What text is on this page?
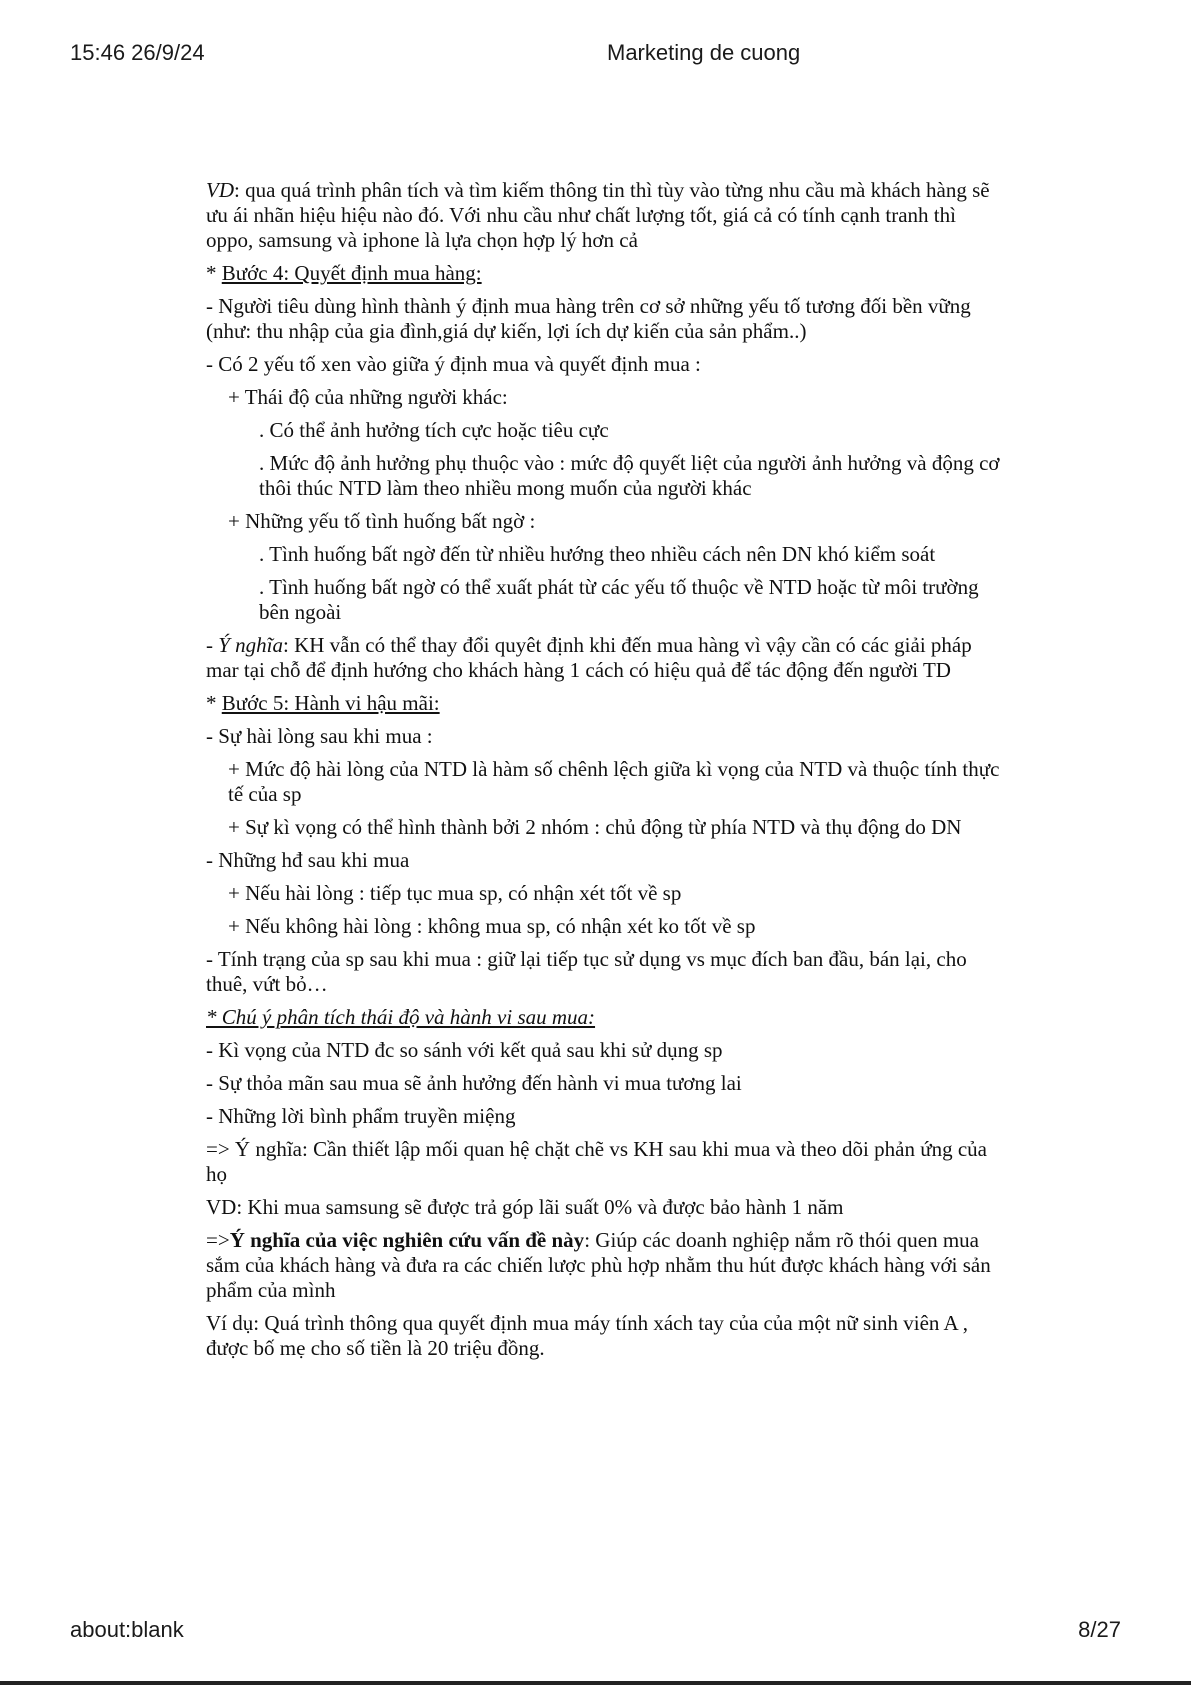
15:46 26/9/24	Marketing de cuong

VD: qua quá trình phân tích và tìm kiếm thông tin thì tùy vào từng nhu cầu mà khách hàng sẽ ưu ái nhãn hiệu hiệu nào đó. Với nhu cầu như chất lượng tốt, giá cả có tính cạnh tranh thì oppo, samsung và iphone là lựa chọn hợp lý hơn cả

* Bước 4: Quyết định mua hàng:

- Người tiêu dùng hình thành ý định mua hàng trên cơ sở những yếu tố tương đối bền vững (như: thu nhập của gia đình,giá dự kiến, lợi ích dự kiến của sản phẩm..)

- Có 2 yếu tố xen vào giữa ý định mua và quyết định mua :

+ Thái độ của những người khác:

. Có thể ảnh hưởng tích cực hoặc tiêu cực

. Mức độ ảnh hưởng phụ thuộc vào : mức độ quyết liệt của người ảnh hưởng và động cơ thôi thúc NTD làm theo nhiều mong muốn của người khác

+ Những yếu tố tình huống bất ngờ :

. Tình huống bất ngờ đến từ nhiều hướng theo nhiều cách nên DN khó kiểm soát

. Tình huống bất ngờ có thể xuất phát từ các yếu tố thuộc về NTD hoặc từ môi trường bên ngoài

- Ý nghĩa: KH vẫn có thể thay đổi quyêt định khi đến mua hàng vì vậy cần có các giải pháp mar tại chỗ để định hướng cho khách hàng 1 cách có hiệu quả để tác động đến người TD

* Bước 5: Hành vi hậu mãi:

- Sự hài lòng sau khi mua :

+ Mức độ hài lòng của NTD là hàm số chênh lệch giữa kì vọng của NTD và thuộc tính thực tế của sp

+ Sự kì vọng có thể hình thành bởi 2 nhóm : chủ động từ phía NTD và thụ động do DN

- Những hđ sau khi mua

+ Nếu hài lòng : tiếp tục mua sp, có nhận xét tốt về sp

+ Nếu không hài lòng : không mua sp, có nhận xét ko tốt về sp

- Tính trạng của sp sau khi mua : giữ lại tiếp tục sử dụng vs mục đích ban đầu, bán lại, cho thuê, vứt bỏ…

* Chú ý phân tích thái độ và hành vi sau mua:

- Kì vọng của NTD đc so sánh với kết quả sau khi sử dụng sp

- Sự thỏa mãn sau mua sẽ ảnh hưởng đến hành vi mua tương lai

- Những lời bình phẩm truyền miệng

=> Ý nghĩa: Cần thiết lập mối quan hệ chặt chẽ vs KH sau khi mua và theo dõi phản ứng của họ

VD: Khi mua samsung sẽ được trả góp lãi suất 0% và được bảo hành 1 năm

=>Ý nghĩa của việc nghiên cứu vấn đề này: Giúp các doanh nghiệp nắm rõ thói quen mua sắm của khách hàng và đưa ra các chiến lược phù hợp nhằm thu hút được khách hàng với sản phẩm của mình

Ví dụ: Quá trình thông qua quyết định mua máy tính xách tay của của một nữ sinh viên A , được bố mẹ cho số tiền là 20 triệu đồng.

about:blank	8/27
